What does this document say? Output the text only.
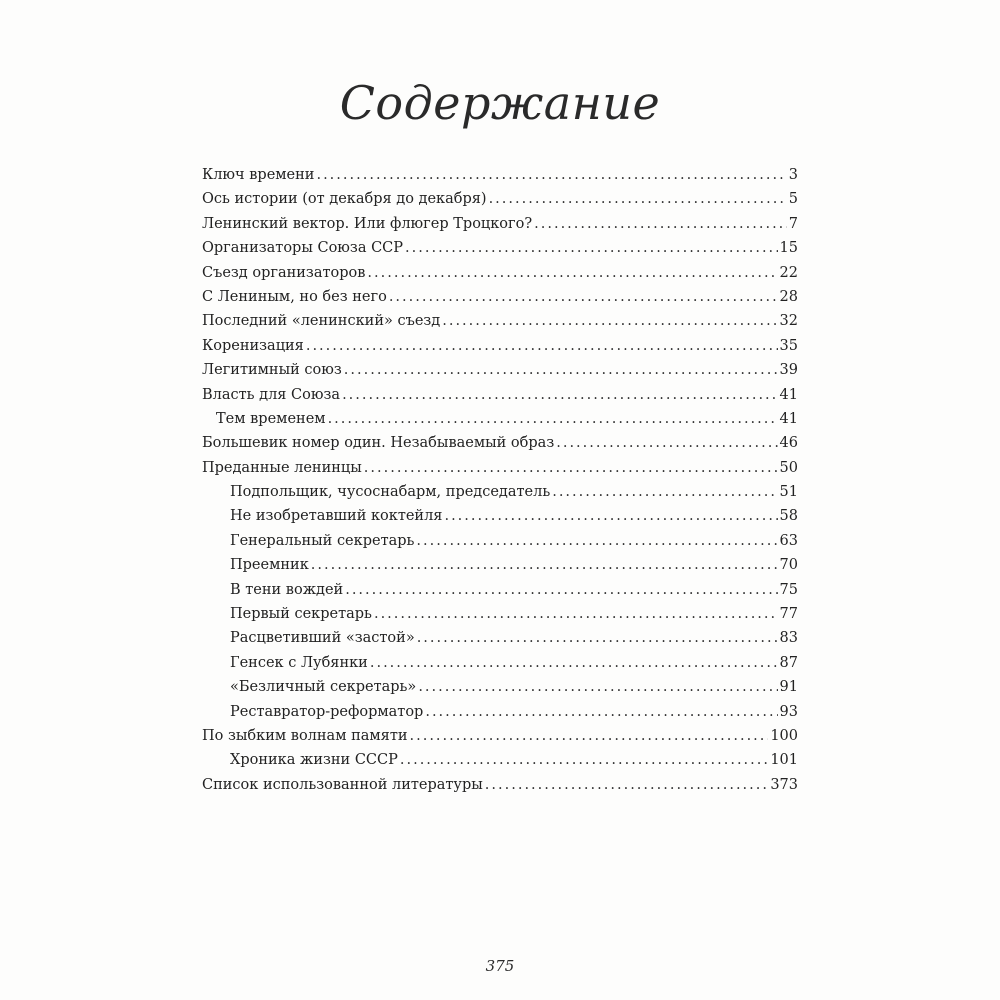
Содержание
Ключ времени .....	3
Ось истории (от декабря до декабря) .....	5
Ленинский вектор. Или флюгер Троцкого? .....	7
Организаторы Союза ССР .....	15
Съезд организаторов .....	22
С Лениным, но без него .....	28
Последний «ленинский» съезд .....	32
Коренизация .....	35
Легитимный союз .....	39
Власть для Союза .....	41
Тем временем .....	41
Большевик номер один. Незабываемый образ .....	46
Преданные ленинцы .....	50
Подпольщик, чусоснабарм, председатель .....	51
Не изобретавший коктейля .....	58
Генеральный секретарь .....	63
Преемник .....	70
В тени вождей .....	75
Первый секретарь .....	77
Расцветивший «застой» .....	83
Генсек с Лубянки .....	87
«Безличный секретарь» .....	91
Реставратор-реформатор .....	93
По зыбким волнам памяти .....	100
Хроника жизни СССР .....	101
Список использованной литературы .....	373
375
